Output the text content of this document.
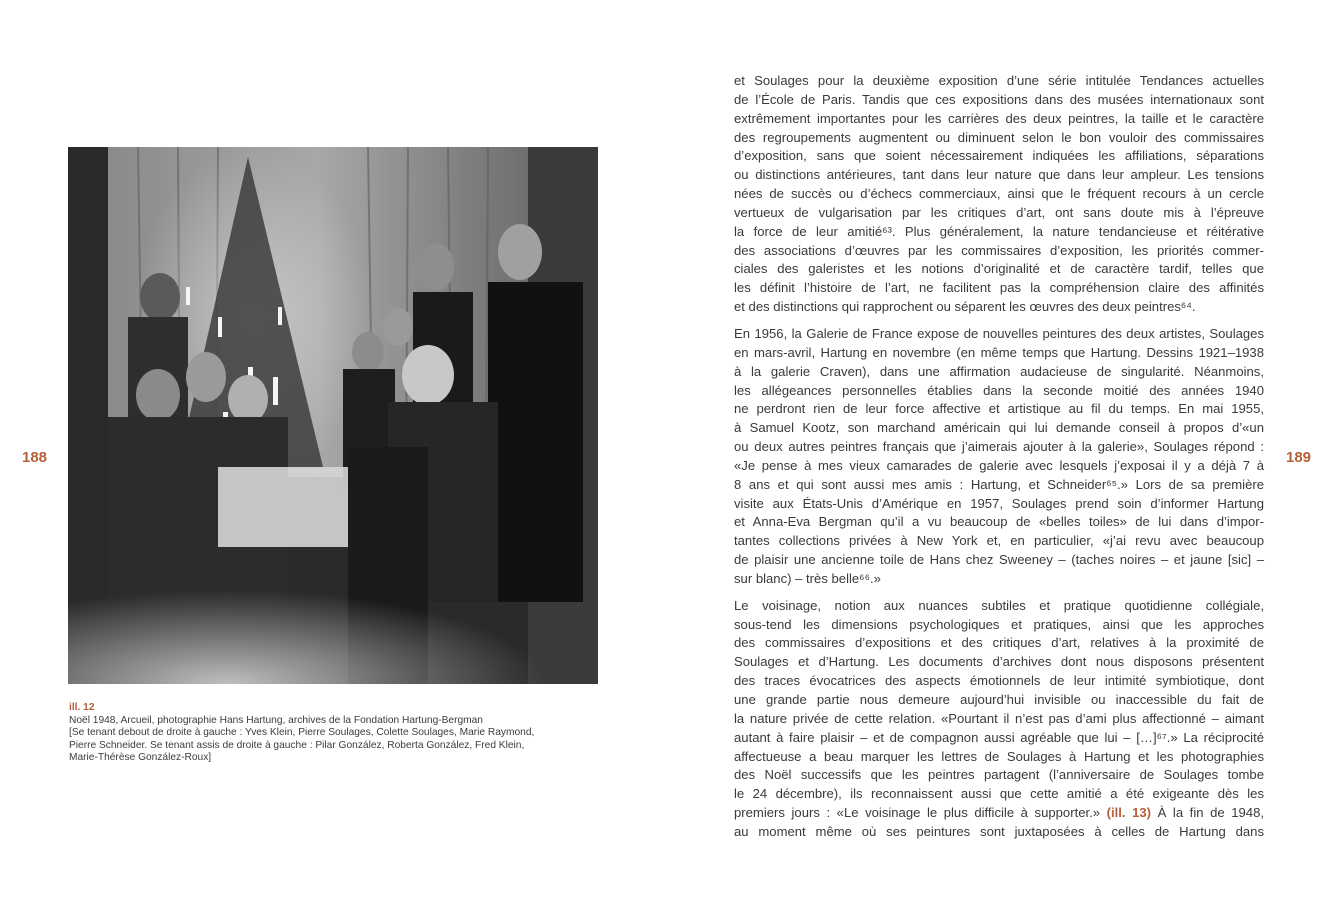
188	189
ill. 12
Noël 1948, Arcueil, photographie Hans Hartung, archives de la Fondation Hartung-Bergman
[Se tenant debout de droite à gauche : Yves Klein, Pierre Soulages, Colette Soulages, Marie Raymond,
Pierre Schneider. Se tenant assis de droite à gauche : Pilar González, Roberta González, Fred Klein,
Marie-Thérèse González-Roux]
et Soulages pour la deuxième exposition d’une série intitulée Tendances actuelles
de l’École de Paris. Tandis que ces expositions dans des musées internationaux sont
extrêmement importantes pour les carrières des deux peintres, la taille et le caractère
des regroupements augmentent ou diminuent selon le bon vouloir des commissaires
d’exposition, sans que soient nécessairement indiquées les affiliations, séparations
ou distinctions antérieures, tant dans leur nature que dans leur ampleur. Les tensions
nées de succès ou d’échecs commerciaux, ainsi que le fréquent recours à un cercle
vertueux de vulgarisation par les critiques d’art, ont sans doute mis à l’épreuve
la force de leur amitié⁶³. Plus généralement, la nature tendancieuse et réitérative
des associations d’œuvres par les commissaires d’exposition, les priorités commer-
ciales des galeristes et les notions d’originalité et de caractère tardif, telles que
les définit l’histoire de l’art, ne facilitent pas la compréhension claire des affinités
et des distinctions qui rapprochent ou séparent les œuvres des deux peintres⁶⁴.
En 1956, la Galerie de France expose de nouvelles peintures des deux artistes, Soulages
en mars-avril, Hartung en novembre (en même temps que Hartung. Dessins 1921–1938
à la galerie Craven), dans une affirmation audacieuse de singularité. Néanmoins,
les allégeances personnelles établies dans la seconde moitié des années 1940
ne perdront rien de leur force affective et artistique au fil du temps. En mai 1955,
à Samuel Kootz, son marchand américain qui lui demande conseil à propos d’«un
ou deux autres peintres français que j’aimerais ajouter à la galerie», Soulages répond :
«Je pense à mes vieux camarades de galerie avec lesquels j’exposai il y a déjà 7 à
8 ans et qui sont aussi mes amis : Hartung, et Schneider⁶⁵.» Lors de sa première
visite aux États-Unis d’Amérique en 1957, Soulages prend soin d’informer Hartung
et Anna-Eva Bergman qu’il a vu beaucoup de «belles toiles» de lui dans d’impor-
tantes collections privées à New York et, en particulier, «j’ai revu avec beaucoup
de plaisir une ancienne toile de Hans chez Sweeney – (taches noires – et jaune [sic] –
sur blanc) – très belle⁶⁶.»
Le voisinage, notion aux nuances subtiles et pratique quotidienne collégiale,
sous-tend les dimensions psychologiques et pratiques, ainsi que les approches
des commissaires d’expositions et des critiques d’art, relatives à la proximité de
Soulages et d’Hartung. Les documents d’archives dont nous disposons présentent
des traces évocatrices des aspects émotionnels de leur intimité symbiotique, dont
une grande partie nous demeure aujourd’hui invisible ou inaccessible du fait de
la nature privée de cette relation. «Pourtant il n’est pas d’ami plus affectionné – aimant
autant à faire plaisir – et de compagnon aussi agréable que lui – […]⁶⁷.» La réciprocité
affectueuse a beau marquer les lettres de Soulages à Hartung et les photographies
des Noël successifs que les peintres partagent (l’anniversaire de Soulages tombe
le 24 décembre), ils reconnaissent aussi que cette amitié a été exigeante dès les
premiers jours : «Le voisinage le plus difficile à supporter.» (ill. 13) À la fin de 1948,
au moment même où ses peintures sont juxtaposées à celles de Hartung dans
